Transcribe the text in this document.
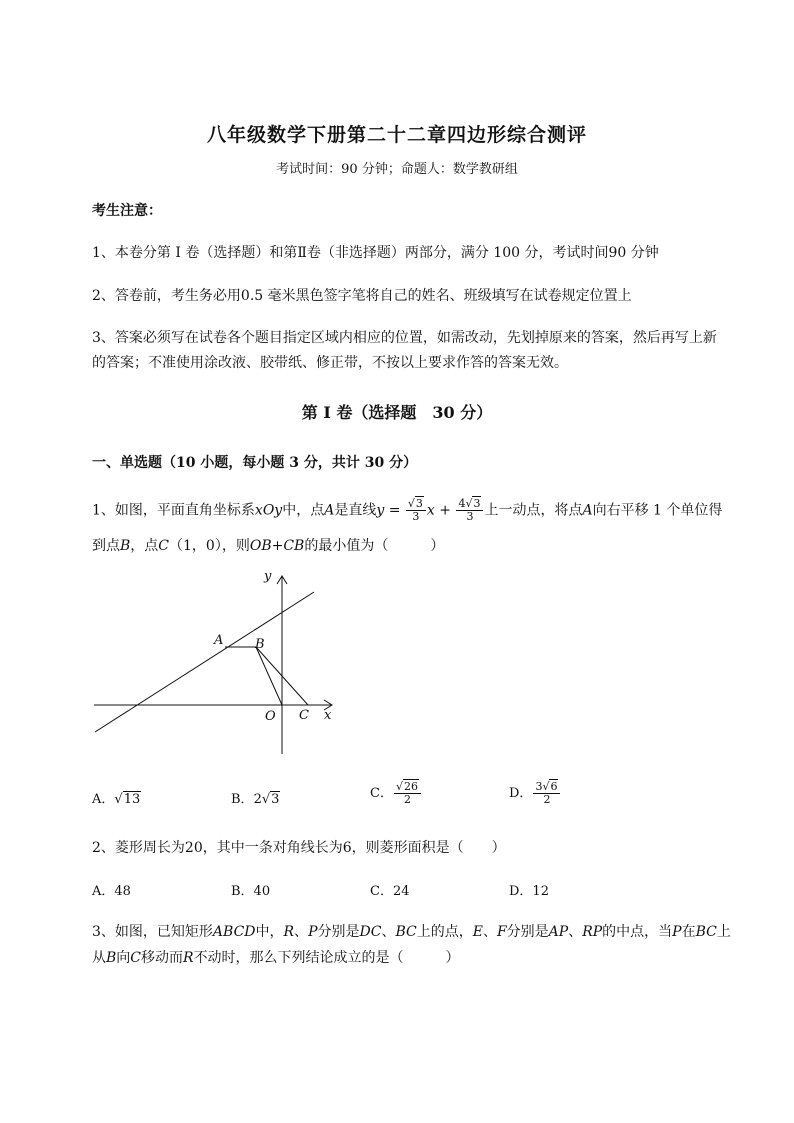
八年级数学下册第二十二章四边形综合测评
考试时间：90 分钟；命题人：数学教研组
考生注意：
1、本卷分第 I 卷（选择题）和第Ⅱ卷（非选择题）两部分，满分 100 分，考试时间90 分钟
2、答卷前，考生务必用0.5 毫米黑色签字笔将自己的姓名、班级填写在试卷规定位置上
3、答案必须写在试卷各个题目指定区域内相应的位置，如需改动，先划掉原来的答案，然后再写上新
的答案；不准使用涂改液、胶带纸、修正带，不按以上要求作答的答案无效。
第 I 卷（选择题　30 分）
一、单选题（10 小题，每小题 3 分，共计 30 分）
1、如图，平面直角坐标系xOy中，点A是直线$y = \frac{√3}{3}$ $x + \frac{4√3}{3}$ 上一动点，将点A向右平移 1 个单位得
到点B，点C（1，0），则OB+CB的最小值为（　　　）
y
x
A B
O C
A．√13	B．2√3	C． $\frac{√26}{2}$	D． $\frac{3√6}{2}$
2、菱形周长为20，其中一条对角线长为6，则菱形面积是（　　）
A．48	B．40	C．24	D．12
3、如图，已知矩形ABCD中，R、P分别是DC、BC上的点，E、F分别是AP、RP的中点，当P在BC上
从B向C移动而R不动时，那么下列结论成立的是（　　　）
